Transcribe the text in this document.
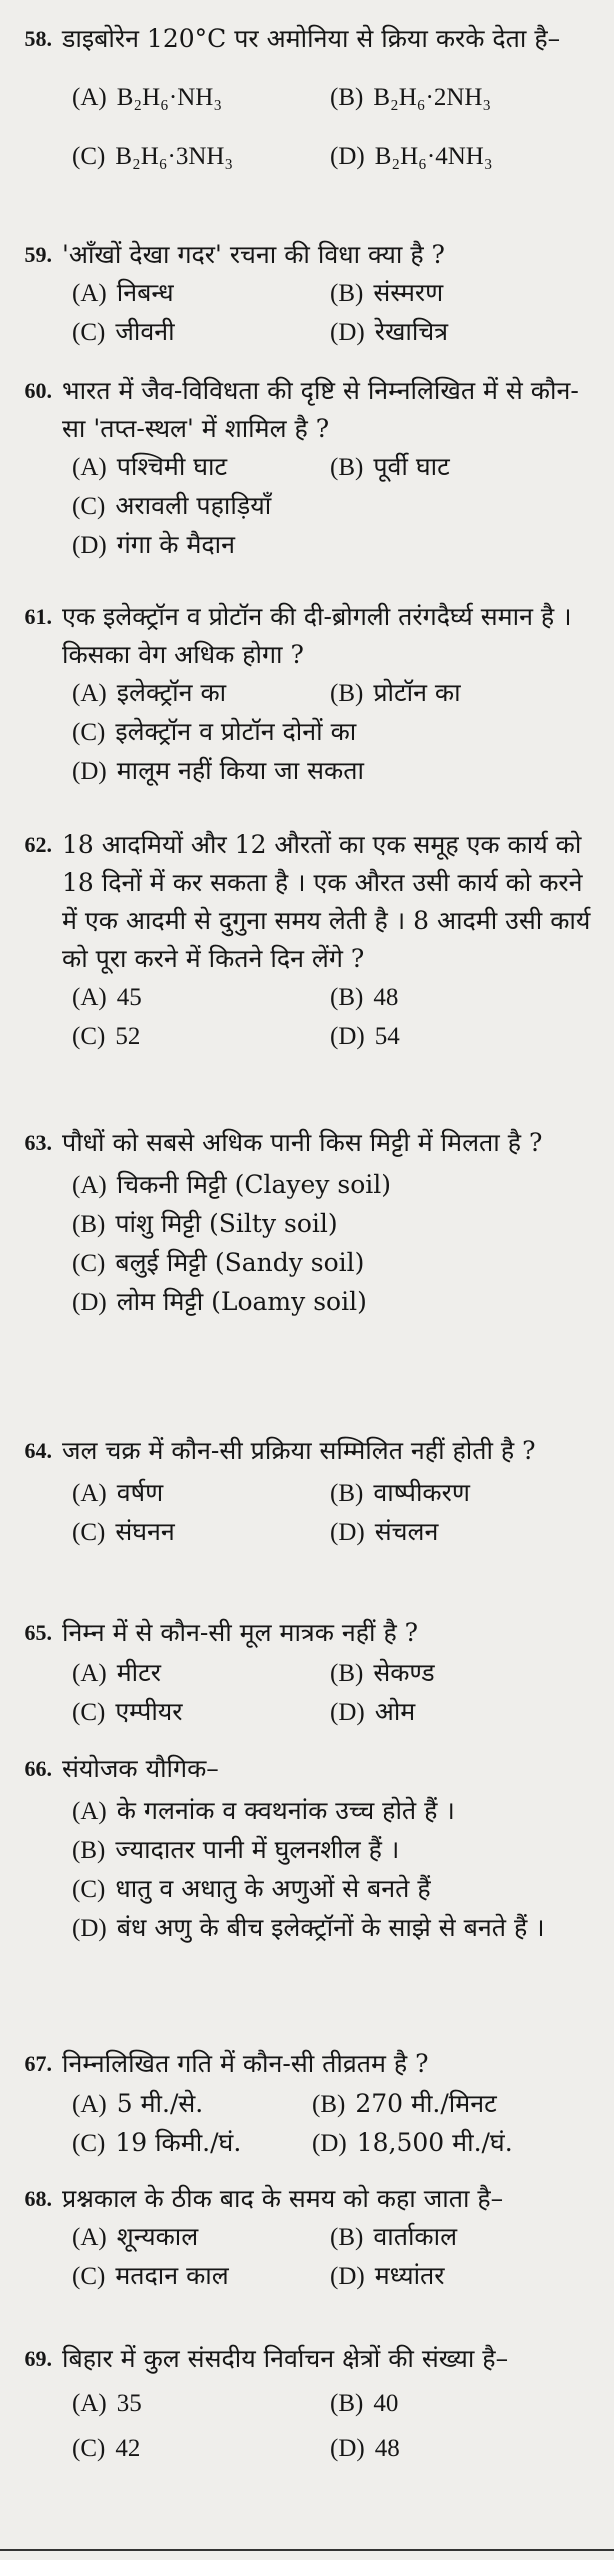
58. डाइबोरेन 120°C पर अमोनिया से क्रिया करके देता है–
(A) B₂H₆·NH₃	(B) B₂H₆·2NH₃
(C) B₂H₆·3NH₃	(D) B₂H₆·4NH₃
59. 'आँखों देखा गदर' रचना की विधा क्या है ?
(A) निबन्ध	(B) संस्मरण
(C) जीवनी	(D) रेखाचित्र
60. भारत में जैव-विविधता की दृष्टि से निम्नलिखित में से कौन-सा 'तप्त-स्थल' में शामिल है ?
(A) पश्चिमी घाट	(B) पूर्वी घाट
(C) अरावली पहाड़ियाँ
(D) गंगा के मैदान
61. एक इलेक्ट्रॉन व प्रोटॉन की दी-ब्रोगली तरंगदैर्घ्य समान है । किसका वेग अधिक होगा ?
(A) इलेक्ट्रॉन का	(B) प्रोटॉन का
(C) इलेक्ट्रॉन व प्रोटॉन दोनों का
(D) मालूम नहीं किया जा सकता
62. 18 आदमियों और 12 औरतों का एक समूह एक कार्य को 18 दिनों में कर सकता है । एक औरत उसी कार्य को करने में एक आदमी से दुगुना समय लेती है । 8 आदमी उसी कार्य को पूरा करने में कितने दिन लेंगे ?
(A) 45	(B) 48
(C) 52	(D) 54
63. पौधों को सबसे अधिक पानी किस मिट्टी में मिलता है ?
(A) चिकनी मिट्टी (Clayey soil)
(B) पांशु मिट्टी (Silty soil)
(C) बलुई मिट्टी (Sandy soil)
(D) लोम मिट्टी (Loamy soil)
64. जल चक्र में कौन-सी प्रक्रिया सम्मिलित नहीं होती है ?
(A) वर्षण	(B) वाष्पीकरण
(C) संघनन	(D) संचलन
65. निम्न में से कौन-सी मूल मात्रक नहीं है ?
(A) मीटर	(B) सेकण्ड
(C) एम्पीयर	(D) ओम
66. संयोजक यौगिक–
(A) के गलनांक व क्वथनांक उच्च होते हैं ।
(B) ज्यादातर पानी में घुलनशील हैं ।
(C) धातु व अधातु के अणुओं से बनते हैं
(D) बंध अणु के बीच इलेक्ट्रॉनों के साझे से बनते हैं ।
67. निम्नलिखित गति में कौन-सी तीव्रतम है ?
(A) 5 मी./से.	(B) 270 मी./मिनट
(C) 19 किमी./घं.	(D) 18,500 मी./घं.
68. प्रश्नकाल के ठीक बाद के समय को कहा जाता है–
(A) शून्यकाल	(B) वार्ताकाल
(C) मतदान काल	(D) मध्यांतर
69. बिहार में कुल संसदीय निर्वाचन क्षेत्रों की संख्या है–
(A) 35	(B) 40
(C) 42	(D) 48
